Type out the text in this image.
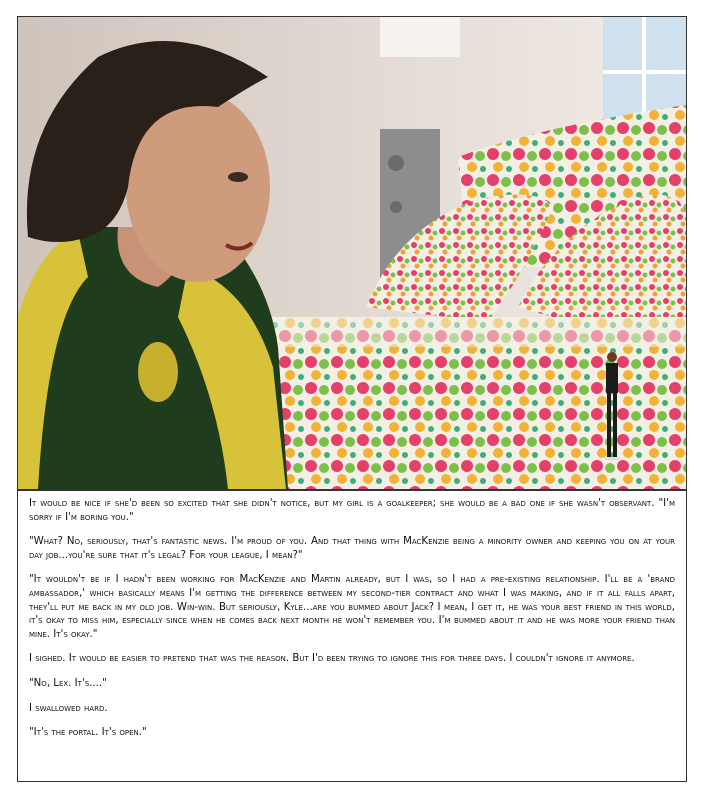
It would be nice if she'd been so excited that she didn't notice, but my girl is a goalkeeper; she would be a bad one if she wasn't observant. "I'm sorry if I'm boring you."

"What? No, seriously, that's fantastic news. I'm proud of you. And that thing with MacKenzie being a minority owner and keeping you on at your day job...you're sure that it's legal? For your league, I mean?"

"It wouldn't be if I hadn't been working for MacKenzie and Martin already, but I was, so I had a pre-existing relationship. I'll be a 'brand ambassador,' which basically means I'm getting the difference between my second-tier contract and what I was making, and if it all falls apart, they'll put me back in my old job. Win-win. But seriously, Kyle...are you bummed about Jack? I mean, I get it, he was your best friend in this world, it's okay to miss him, especially since when he comes back next month he won't remember you. I'm bummed about it and he was more your friend than mine. It's okay."

I sighed. It would be easier to pretend that was the reason. But I'd been trying to ignore this for three days. I couldn't ignore it anymore.

"No, Lex. It's...."

I swallowed hard.

"It's the portal. It's open."
